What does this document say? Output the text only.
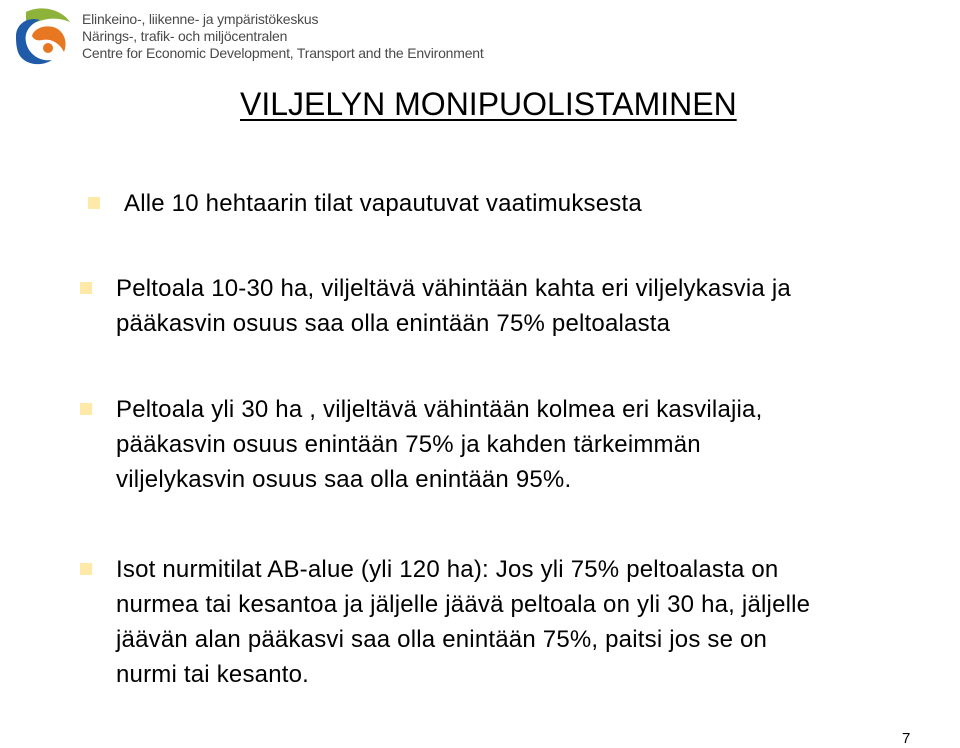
Elinkeino-, liikenne- ja ympäristökeskus
Närings-, trafik- och miljöcentralen
Centre for Economic Development, Transport and the Environment
VILJELYN MONIPUOLISTAMINEN
Alle 10 hehtaarin tilat vapautuvat vaatimuksesta
Peltoala 10-30 ha, viljeltävä vähintään kahta eri viljelykasvia ja
pääkasvin osuus saa olla enintään 75% peltoalasta
Peltoala yli 30 ha , viljeltävä vähintään kolmea eri kasvilajia,
pääkasvin osuus enintään 75% ja kahden tärkeimmän
viljelykasvin osuus saa olla enintään 95%.
Isot nurmitilat AB-alue (yli 120 ha): Jos yli 75% peltoalasta on
nurmea tai kesantoa ja jäljelle jäävä peltoala on yli 30 ha, jäljelle
jäävän alan pääkasvi saa olla enintään 75%, paitsi jos se on
nurmi tai kesanto.
7
